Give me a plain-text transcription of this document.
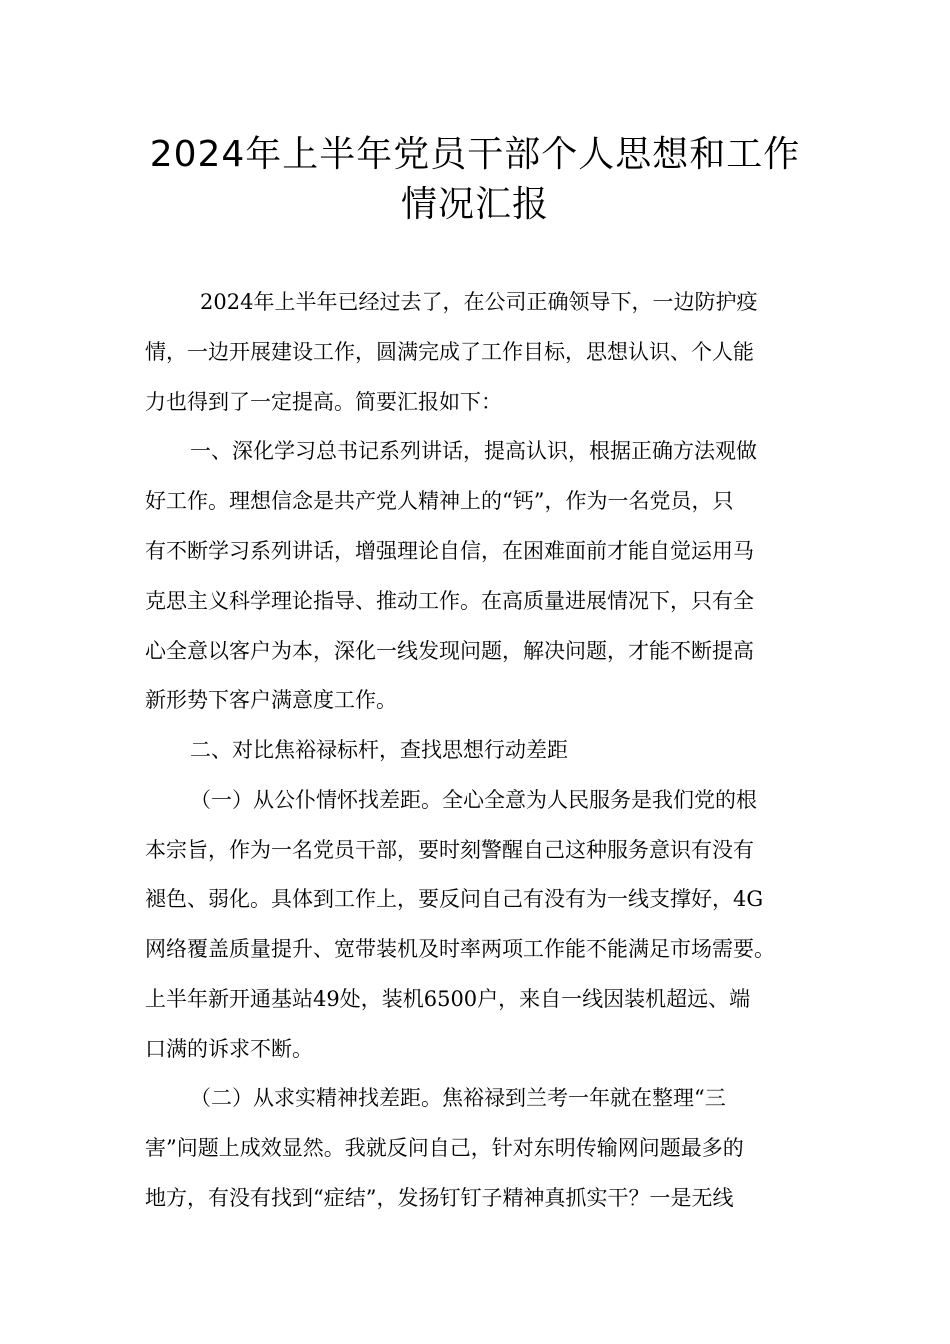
2024年上半年党员干部个人思想和工作
情况汇报
2024年上半年已经过去了，在公司正确领导下，一边防护疫
情，一边开展建设工作，圆满完成了工作目标，思想认识、个人能
力也得到了一定提高。简要汇报如下：
一、深化学习总书记系列讲话，提高认识，根据正确方法观做
好工作。理想信念是共产党人精神上的“钙”，作为一名党员，只
有不断学习系列讲话，增强理论自信，在困难面前才能自觉运用马
克思主义科学理论指导、推动工作。在高质量进展情况下，只有全
心全意以客户为本，深化一线发现问题，解决问题，才能不断提高
新形势下客户满意度工作。
二、对比焦裕禄标杆，查找思想行动差距
（一）从公仆情怀找差距。全心全意为人民服务是我们党的根
本宗旨，作为一名党员干部，要时刻警醒自己这种服务意识有没有
褪色、弱化。具体到工作上，要反问自己有没有为一线支撑好，4G
网络覆盖质量提升、宽带装机及时率两项工作能不能满足市场需要。
上半年新开通基站49处，装机6500户，来自一线因装机超远、端
口满的诉求不断。
（二）从求实精神找差距。焦裕禄到兰考一年就在整理“三
害”问题上成效显然。我就反问自己，针对东明传输网问题最多的
地方，有没有找到“症结”，发扬钉钉子精神真抓实干？一是无线
